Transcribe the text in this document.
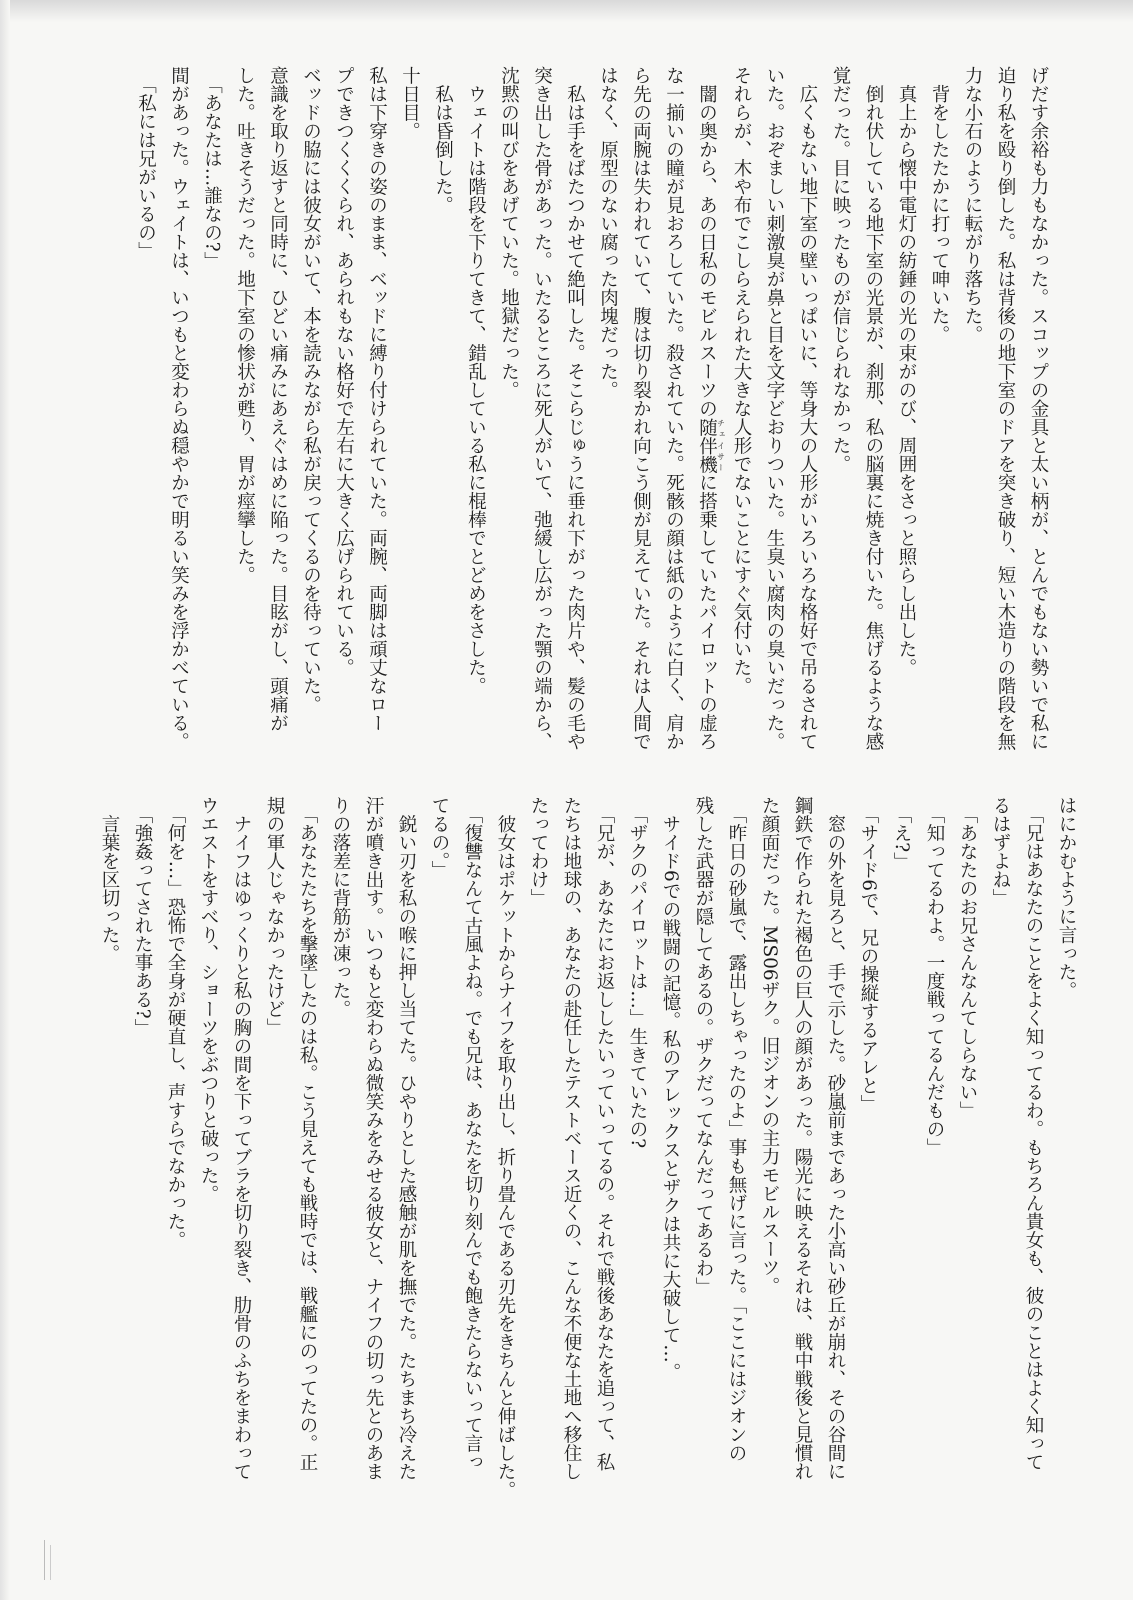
げだす余裕も力もなかった。スコップの金具と太い柄が、とんでもない勢いで私に
迫り私を殴り倒した。私は背後の地下室のドアを突き破り、短い木造りの階段を無
力な小石のように転がり落ちた。
　背をしたたかに打って呻いた。
　真上から懐中電灯の紡錘の光の束がのび、周囲をさっと照らし出した。
　倒れ伏している地下室の光景が、刹那、私の脳裏に焼き付いた。焦げるような感
覚だった。目に映ったものが信じられなかった。
　広くもない地下室の壁いっぱいに、等身大の人形がいろいろな格好で吊るされて
いた。おぞましい刺激臭が鼻と目を文字どおりついた。生臭い腐肉の臭いだった。
それらが、木や布でこしらえられた大きな人形でないことにすぐ気付いた。
　闇の奥から、あの日私のモビルスーツの随伴機 チェイサーに搭乗していたパイロットの虚ろ
な一揃いの瞳が見おろしていた。殺されていた。死骸の顔は紙のように白く、肩か
ら先の両腕は失われていて、腹は切り裂かれ向こう側が見えていた。それは人間で
はなく、原型のない腐った肉塊だった。
　私は手をばたつかせて絶叫した。そこらじゅうに垂れ下がった肉片や、髪の毛や
突き出した骨があった。いたるところに死人がいて、弛緩し広がった顎の端から、
沈黙の叫びをあげていた。地獄だった。
　ウェイトは階段を下りてきて、錯乱している私に棍棒でとどめをさした。
　私は昏倒した。
十日目。
私は下穿きの姿のまま、ベッドに縛り付けられていた。両腕、両脚は頑丈なロー
プできつくくくられ、あられもない格好で左右に大きく広げられている。
ベッドの脇には彼女がいて、本を読みながら私が戻ってくるのを待っていた。
意識を取り返すと同時に、ひどい痛みにあえぐはめに陥った。目眩がし、頭痛が
した。吐きそうだった。地下室の惨状が甦り、胃が痙攣した。
　「あなたは…誰なの?」
間があった。ウェイトは、いつもと変わらぬ穏やかで明るい笑みを浮かべている。
　「私には兄がいるの」
はにかむように言った。
　「兄はあなたのことをよく知ってるわ。もちろん貴女も、彼のことはよく知って
るはずよね」
　「あなたのお兄さんなんてしらない」
　「知ってるわよ。一度戦ってるんだもの」
　「え?」
　「サイド6で、兄の操縦するアレと」
　窓の外を見ろと、手で示した。砂嵐前まであった小高い砂丘が崩れ、その谷間に
鋼鉄で作られた褐色の巨人の顔があった。陽光に映えるそれは、戦中戦後と見慣れ
た顔面だった。MS06ザク。旧ジオンの主力モビルスーツ。
　「昨日の砂嵐で、露出しちゃったのよ」事も無げに言った。「ここにはジオンの
残した武器が隠してあるの。ザクだってなんだってあるわ」
　サイド6での戦闘の記憶。私のアレックスとザクは共に大破して…。
　「ザクのパイロットは…」生きていたの?
　「兄が、あなたにお返ししたいっていってるの。それで戦後あなたを追って、私
たちは地球の、あなたの赴任したテストベース近くの、こんな不便な土地へ移住し
たってわけ」
　彼女はポケットからナイフを取り出し、折り畳んである刃先をきちんと伸ばした。
　「復讐なんて古風よね。でも兄は、あなたを切り刻んでも飽きたらないって言っ
てるの。」
　鋭い刃を私の喉に押し当てた。ひやりとした感触が肌を撫でた。たちまち冷えた
汗が噴き出す。いつもと変わらぬ微笑みをみせる彼女と、ナイフの切っ先とのあま
りの落差に背筋が凍った。
　「あなたたちを撃墜したのは私。こう見えても戦時では、戦艦にのってたの。正
規の軍人じゃなかったけど」
　ナイフはゆっくりと私の胸の間を下ってブラを切り裂き、肋骨のふちをまわって
ウエストをすべり、ショーツをぶつりと破った。
　「何を…」恐怖で全身が硬直し、声すらでなかった。
　「強姦ってされた事ある?」
　言葉を区切った。
